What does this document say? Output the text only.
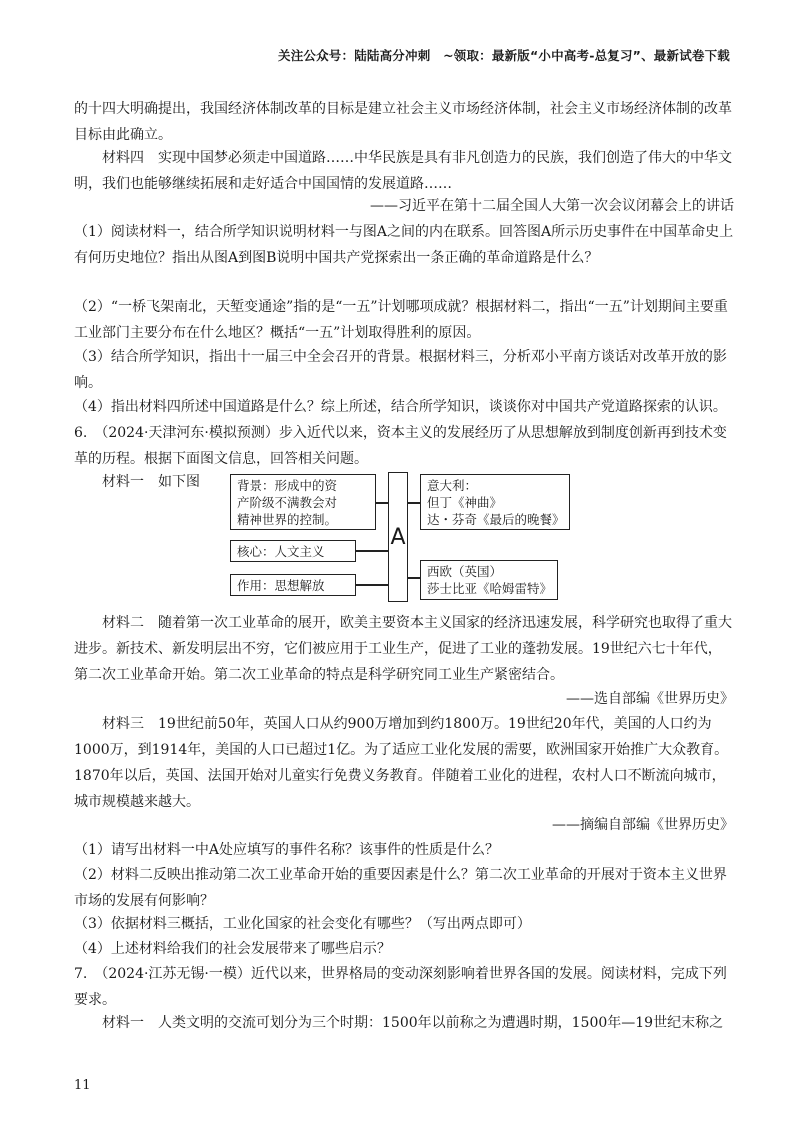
关注公众号：陆陆高分冲刺　~领取：最新版“小中高考-总复习”、最新试卷下载

的十四大明确提出，我国经济体制改革的目标是建立社会主义市场经济体制，社会主义市场经济体制的改革目标由此确立。

材料四　实现中国梦必须走中国道路……中华民族是具有非凡创造力的民族，我们创造了伟大的中华文明，我们也能够继续拓展和走好适合中国国情的发展道路……

——习近平在第十二届全国人大第一次会议闭幕会上的讲话

（1）阅读材料一，结合所学知识说明材料一与图A之间的内在联系。回答图A所示历史事件在中国革命史上有何历史地位？指出从图A到图B说明中国共产党探索出一条正确的革命道路是什么？

（2）“一桥飞架南北，天堑变通途”指的是“一五”计划哪项成就？根据材料二，指出“一五”计划期间主要重工业部门主要分布在什么地区？概括“一五”计划取得胜利的原因。

（3）结合所学知识，指出十一届三中全会召开的背景。根据材料三，分析邓小平南方谈话对改革开放的影响。

（4）指出材料四所述中国道路是什么？综上所述，结合所学知识，谈谈你对中国共产党道路探索的认识。

6.　（2024·天津河东·模拟预测）步入近代以来，资本主义的发展经历了从思想解放到制度创新再到技术变革的历程。根据下面图文信息，回答相关问题。

材料一　如下图	背景：形成中的资
产阶级不满教会对
精神世界的控制。
核心：人文主义
作用：思想解放
A
意大利：
但丁《神曲》
达・芬奇《最后的晚餐》
西欧（英国）
莎士比亚《哈姆雷特》

材料二　随着第一次工业革命的展开，欧美主要资本主义国家的经济迅速发展，科学研究也取得了重大进步。新技术、新发明层出不穷，它们被应用于工业生产，促进了工业的蓬勃发展。19世纪六七十年代，第二次工业革命开始。第二次工业革命的特点是科学研究同工业生产紧密结合。

——选自部编《世界历史》

材料三　19世纪前50年，英国人口从约900万增加到约1800万。19世纪20年代，美国的人口约为1000万，到1914年，美国的人口已超过1亿。为了适应工业化发展的需要，欧洲国家开始推广大众教育。1870年以后，英国、法国开始对儿童实行免费义务教育。伴随着工业化的进程，农村人口不断流向城市，城市规模越来越大。

——摘编自部编《世界历史》

（1）请写出材料一中A处应填写的事件名称？该事件的性质是什么？

（2）材料二反映出推动第二次工业革命开始的重要因素是什么？第二次工业革命的开展对于资本主义世界市场的发展有何影响？

（3）依据材料三概括，工业化国家的社会变化有哪些？（写出两点即可）

（4）上述材料给我们的社会发展带来了哪些启示？

7.　（2024·江苏无锡·一模）近代以来，世界格局的变动深刻影响着世界各国的发展。阅读材料，完成下列要求。

材料一　人类文明的交流可划分为三个时期：1500年以前称之为遭遇时期，1500年—19世纪末称之

11
